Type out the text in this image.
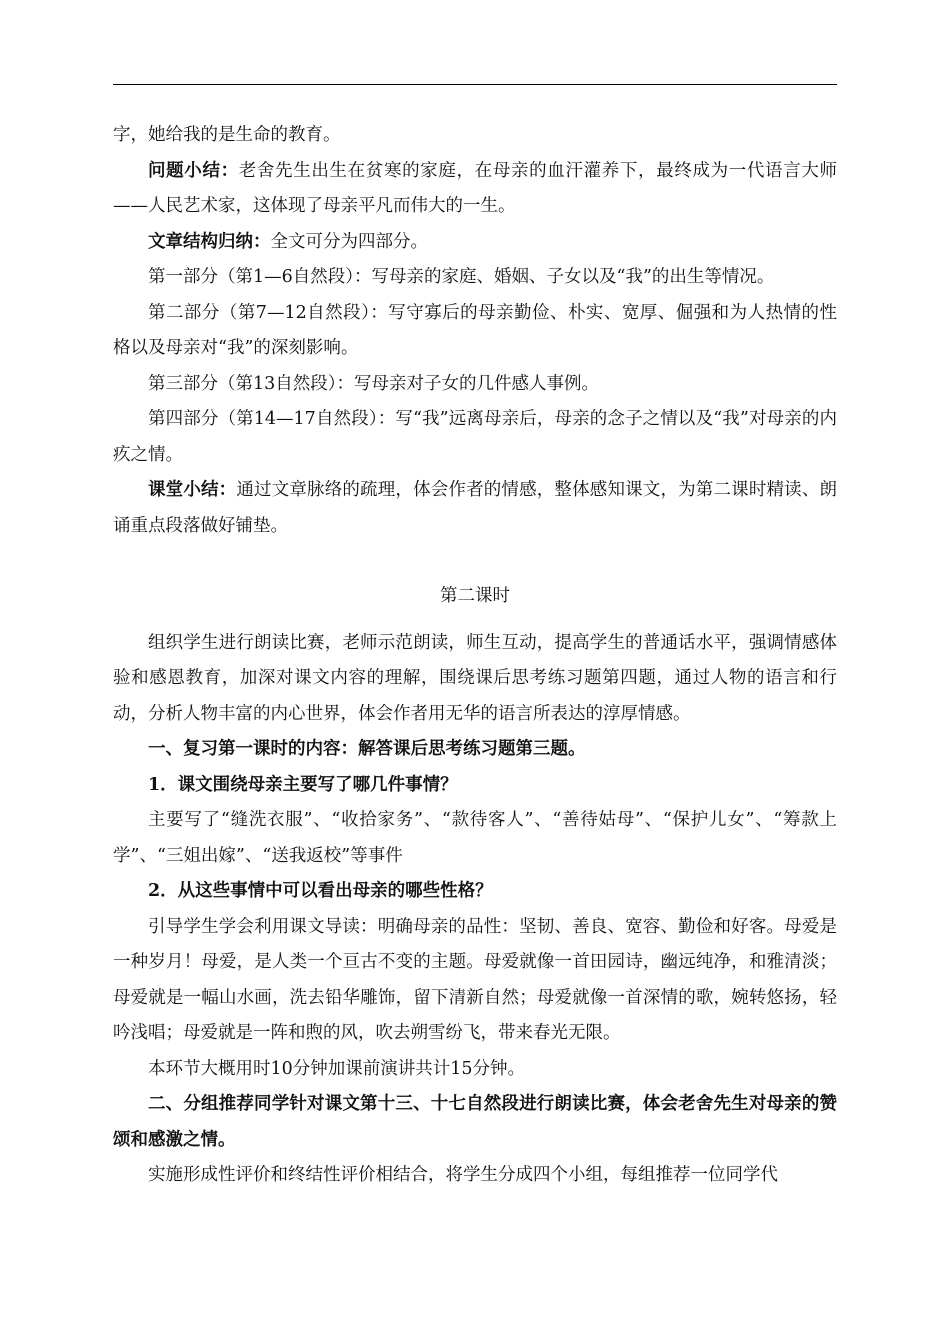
字，她给我的是生命的教育。

问题小结：老舍先生出生在贫寒的家庭，在母亲的血汗灌养下，最终成为一代语言大师——人民艺术家，这体现了母亲平凡而伟大的一生。

文章结构归纳：全文可分为四部分。

第一部分（第1—6自然段）：写母亲的家庭、婚姻、子女以及“我”的出生等情况。

第二部分（第7—12自然段）：写守寡后的母亲勤俭、朴实、宽厚、倔强和为人热情的性格以及母亲对“我”的深刻影响。

第三部分（第13自然段）：写母亲对子女的几件感人事例。

第四部分（第14—17自然段）：写“我”远离母亲后，母亲的念子之情以及“我”对母亲的内疚之情。

课堂小结：通过文章脉络的疏理，体会作者的情感，整体感知课文，为第二课时精读、朗诵重点段落做好铺垫。

第二课时

组织学生进行朗读比赛，老师示范朗读，师生互动，提高学生的普通话水平，强调情感体验和感恩教育，加深对课文内容的理解，围绕课后思考练习题第四题，通过人物的语言和行动，分析人物丰富的内心世界，体会作者用无华的语言所表达的淳厚情感。

一、复习第一课时的内容：解答课后思考练习题第三题。

1．课文围绕母亲主要写了哪几件事情？

主要写了“缝洗衣服”、“收拾家务”、“款待客人”、“善待姑母”、“保护儿女”、“筹款上学”、“三姐出嫁”、“送我返校”等事件

2．从这些事情中可以看出母亲的哪些性格？

引导学生学会利用课文导读：明确母亲的品性：坚韧、善良、宽容、勤俭和好客。母爱是一种岁月！母爱，是人类一个亘古不变的主题。母爱就像一首田园诗，幽远纯净，和雅清淡；母爱就是一幅山水画，洗去铅华雕饰，留下清新自然；母爱就像一首深情的歌，婉转悠扬，轻吟浅唱；母爱就是一阵和煦的风，吹去朔雪纷飞，带来春光无限。

本环节大概用时10分钟加课前演讲共计15分钟。

二、分组推荐同学针对课文第十三、十七自然段进行朗读比赛，体会老舍先生对母亲的赞颂和感激之情。

实施形成性评价和终结性评价相结合，将学生分成四个小组，每组推荐一位同学代
